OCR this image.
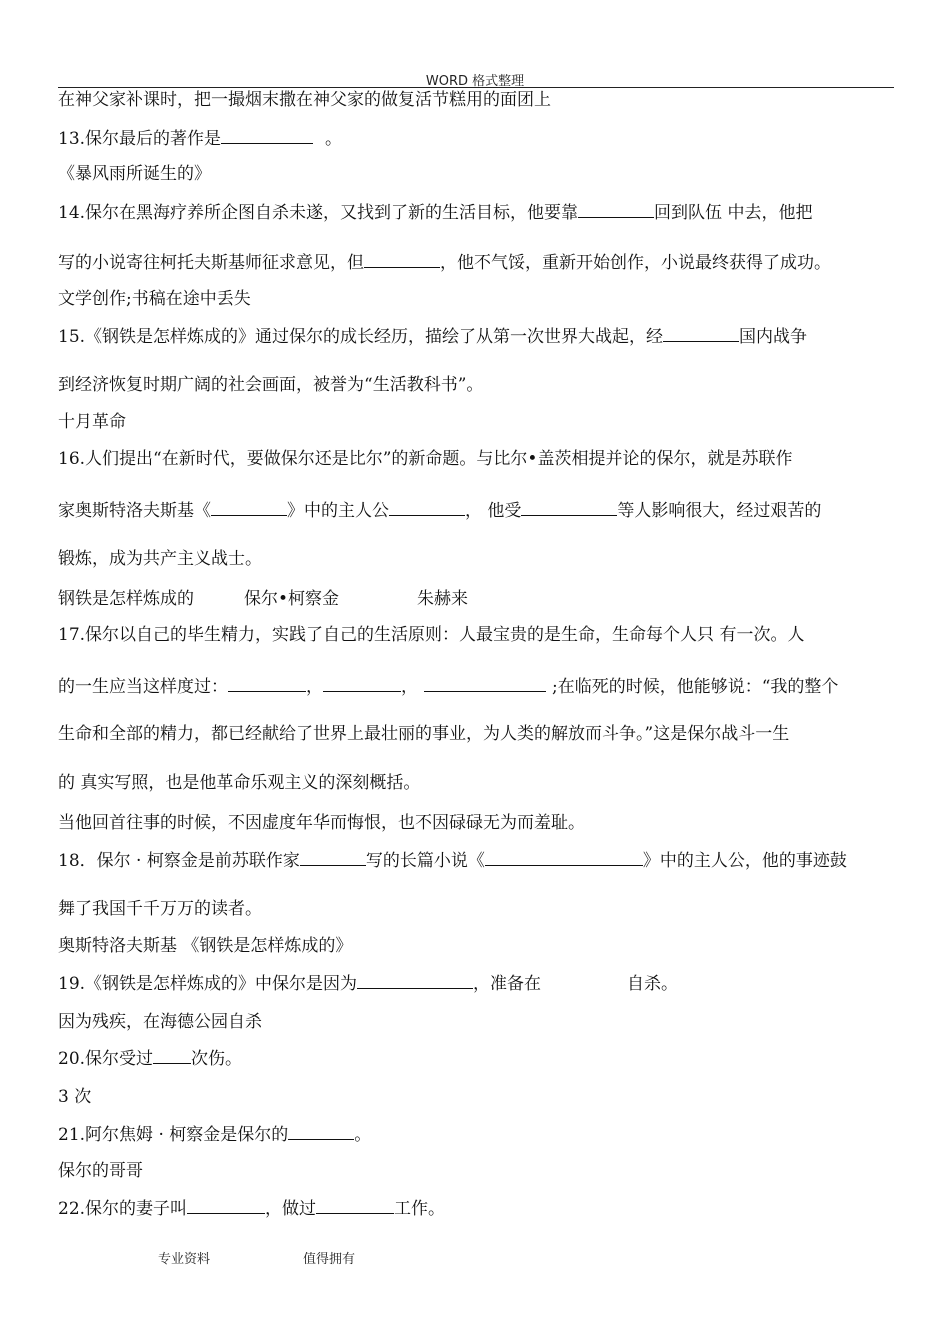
WORD 格式整理
在神父家补课时，把一撮烟末撒在神父家的做复活节糕用的面团上
13.保尔最后的著作是	。
《暴风雨所诞生的》
14.保尔在黑海疗养所企图自杀未遂，又找到了新的生活目标，他要靠	回到队伍 中去，他把
写的小说寄往柯托夫斯基师征求意见，但	，他不气馁，重新开始创作，小说最终获得了成功。
文学创作;书稿在途中丢失
15.《钢铁是怎样炼成的》通过保尔的成长经历，描绘了从第一次世界大战起，经	国内战争
到经济恢复时期广阔的社会画面，被誉为“生活教科书”。
十月革命
16.人们提出“在新时代，要做保尔还是比尔”的新命题。与比尔•盖茨相提并论的保尔，就是苏联作
家奥斯特洛夫斯基《	》中的主人公	， 他受	等人影响很大，经过艰苦的
锻炼，成为共产主义战士。
钢铁是怎样炼成的	保尔•柯察金	朱赫来
17.保尔以自己的毕生精力，实践了自己的生活原则：人最宝贵的是生命，生命每个人只 有一次。人
的一生应当这样度过：	，	，	;在临死的时候，他能够说：“我的整个
生命和全部的精力，都已经献给了世界上最壮丽的事业，为人类的解放而斗争。”这是保尔战斗一生
的 真实写照，也是他革命乐观主义的深刻概括。
当他回首往事的时候，不因虚度年华而悔恨，也不因碌碌无为而羞耻。
18．保尔 · 柯察金是前苏联作家	写的长篇小说《	》中的主人公，他的事迹鼓
舞了我国千千万万的读者。
奥斯特洛夫斯基 《钢铁是怎样炼成的》
19.《钢铁是怎样炼成的》中保尔是因为	，准备在	自杀。
因为残疾，在海德公园自杀
20.保尔受过 次伤。
3 次
21.阿尔焦姆 · 柯察金是保尔的	。
保尔的哥哥
22.保尔的妻子叫	，做过	工作。
专业资料	值得拥有
